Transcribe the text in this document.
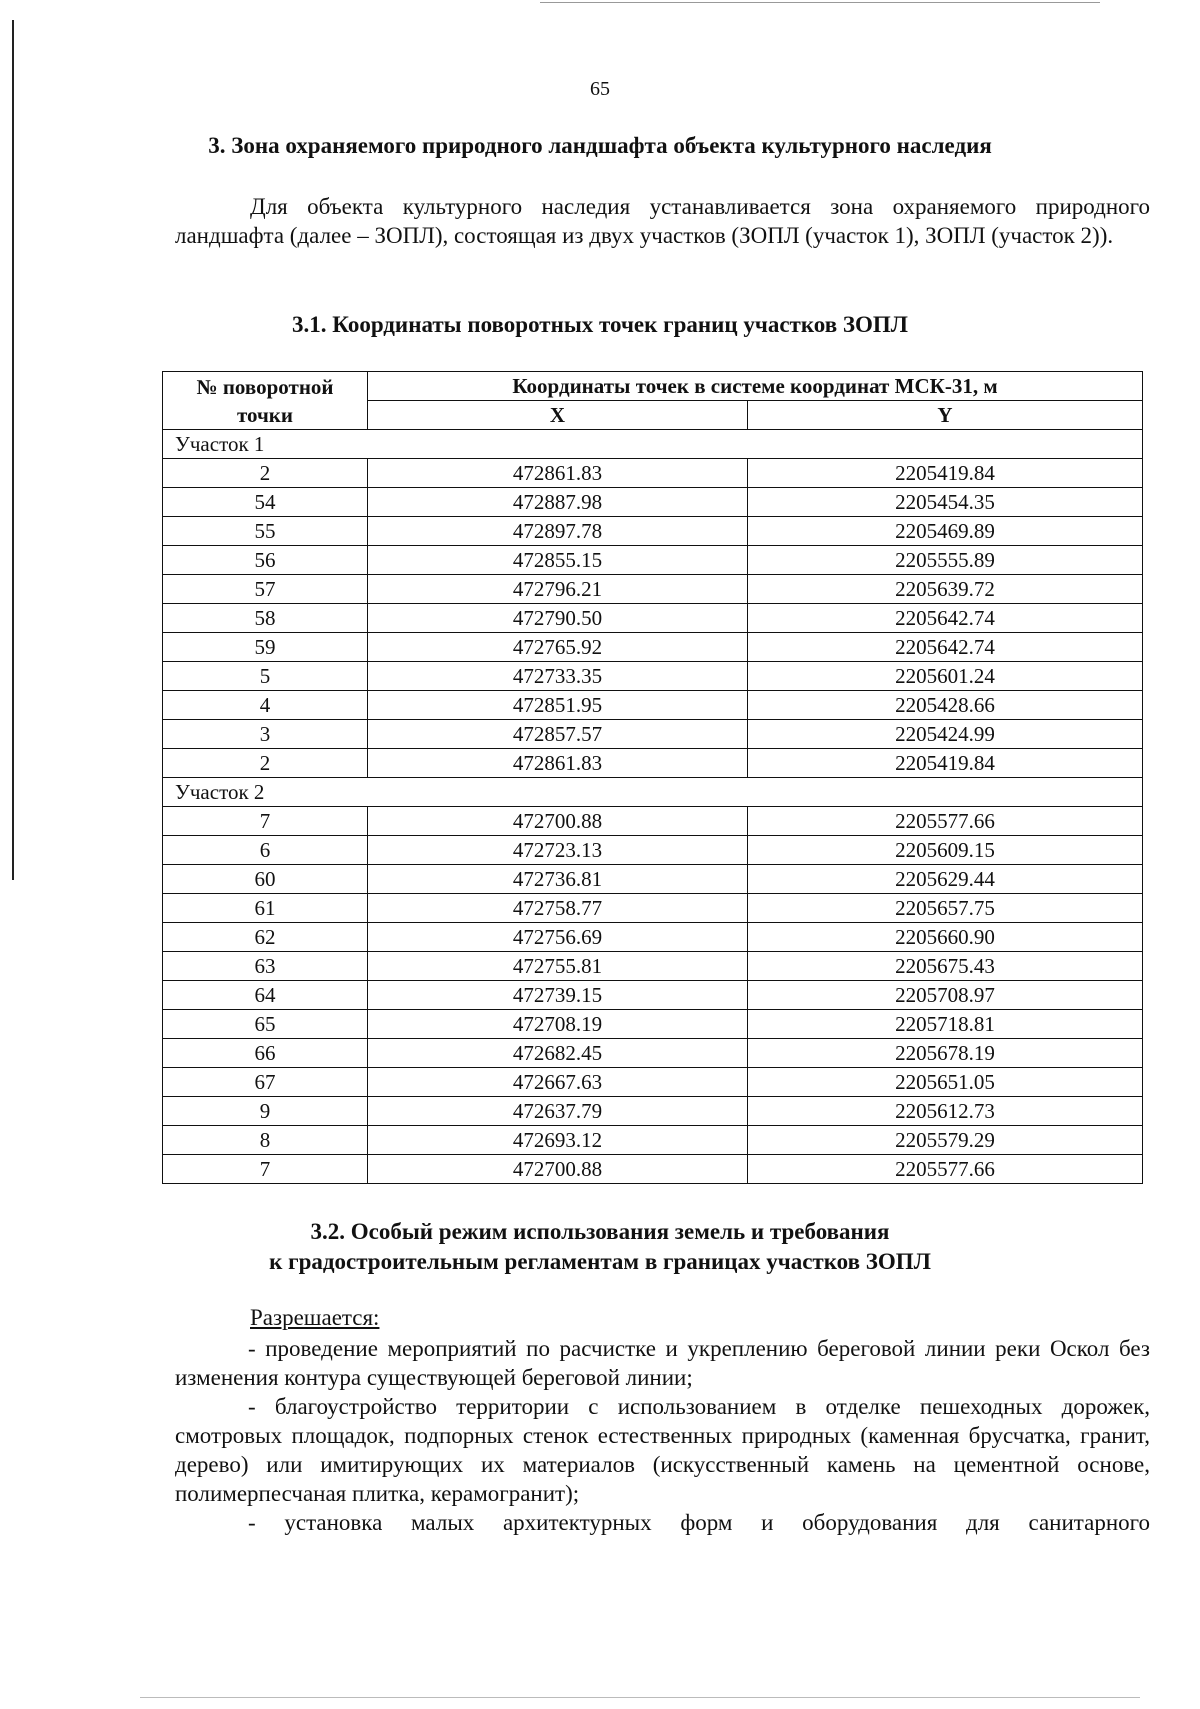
65
3. Зона охраняемого природного ландшафта объекта культурного наследия

Для объекта культурного наследия устанавливается зона охраняемого природного ландшафта (далее – ЗОПЛ), состоящая из двух участков (ЗОПЛ (участок 1), ЗОПЛ (участок 2)).

3.1. Координаты поворотных точек границ участков ЗОПЛ
№ поворотной точки	Координаты точек в системе координат МСК-31, м	
	X	Y
Участок 1		
2	472861.83	2205419.84
54	472887.98	2205454.35
55	472897.78	2205469.89
56	472855.15	2205555.89
57	472796.21	2205639.72
58	472790.50	2205642.74
59	472765.92	2205642.74
5	472733.35	2205601.24
4	472851.95	2205428.66
3	472857.57	2205424.99
2	472861.83	2205419.84
Участок 2		
7	472700.88	2205577.66
6	472723.13	2205609.15
60	472736.81	2205629.44
61	472758.77	2205657.75
62	472756.69	2205660.90
63	472755.81	2205675.43
64	472739.15	2205708.97
65	472708.19	2205718.81
66	472682.45	2205678.19
67	472667.63	2205651.05
9	472637.79	2205612.73
8	472693.12	2205579.29
7	472700.88	2205577.66
3.2. Особый режим использования земель и требования
к градостроительным регламентам в границах участков ЗОПЛ
Разрешается:

- проведение мероприятий по расчистке и укреплению береговой линии реки Оскол без изменения контура существующей береговой линии;

- благоустройство территории с использованием в отделке пешеходных дорожек, смотровых площадок, подпорных стенок естественных природных (каменная брусчатка, гранит, дерево) или имитирующих их материалов (искусственный камень на цементной основе, полимерпесчаная плитка, керамогранит);

- установка малых архитектурных форм и оборудования для санитарного
